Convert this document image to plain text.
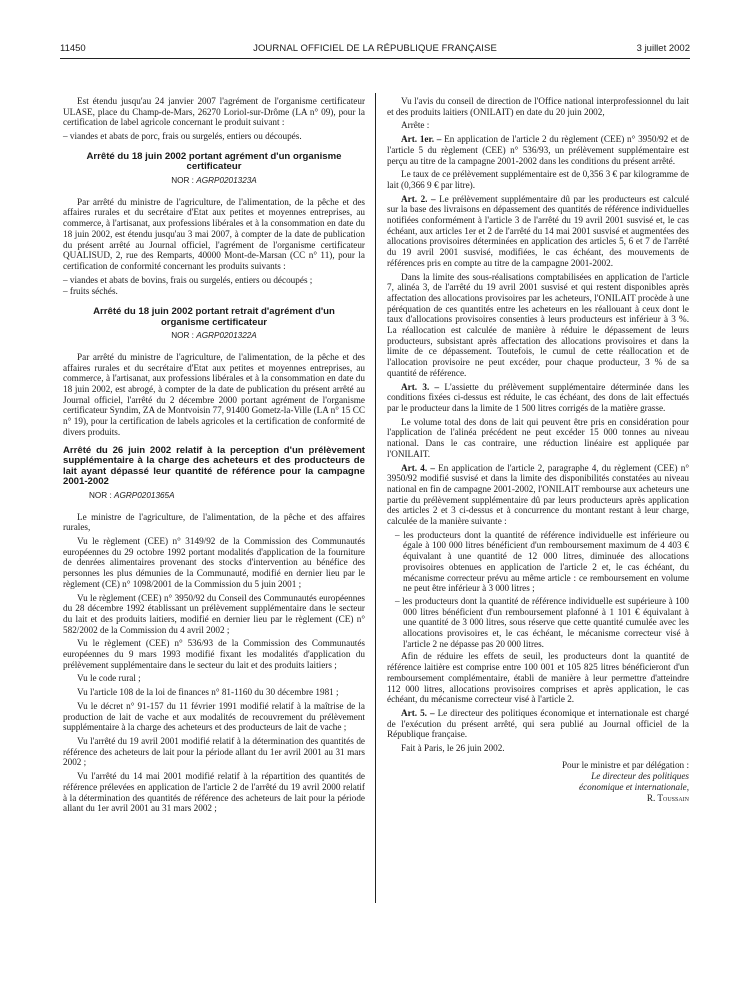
11450	JOURNAL OFFICIEL DE LA RÉPUBLIQUE FRANÇAISE	3 juillet 2002

Est étendu jusqu'au 24 janvier 2007 l'agrément de l'organisme certificateur ULASE, place du Champ-de-Mars, 26270 Loriol-sur-Drôme (LA n° 09), pour la certification de label agricole concernant le produit suivant :

– viandes et abats de porc, frais ou surgelés, entiers ou découpés.

Arrêté du 18 juin 2002 portant agrément d'un organisme certificateur
NOR : AGRP0201323A

Par arrêté du ministre de l'agriculture, de l'alimentation, de la pêche et des affaires rurales et du secrétaire d'Etat aux petites et moyennes entreprises, au commerce, à l'artisanat, aux professions libérales et à la consommation en date du 18 juin 2002, est étendu jusqu'au 3 mai 2007, à compter de la date de publication du présent arrêté au Journal officiel, l'agrément de l'organisme certificateur QUALISUD, 2, rue des Remparts, 40000 Mont-de-Marsan (CC n° 11), pour la certification de conformité concernant les produits suivants :

– viandes et abats de bovins, frais ou surgelés, entiers ou découpés ;

– fruits séchés.

Arrêté du 18 juin 2002 portant retrait d'agrément d'un organisme certificateur
NOR : AGRP0201322A

Par arrêté du ministre de l'agriculture, de l'alimentation, de la pêche et des affaires rurales et du secrétaire d'Etat aux petites et moyennes entreprises, au commerce, à l'artisanat, aux professions libérales et à la consommation en date du 18 juin 2002, est abrogé, à compter de la date de publication du présent arrêté au Journal officiel, l'arrêté du 2 décembre 2000 portant agrément de l'organisme certificateur Syndim, ZA de Montvoisin 77, 91400 Gometz-la-Ville (LA n° 15 CC n° 19), pour la certification de labels agricoles et la certification de conformité de divers produits.

Arrêté du 26 juin 2002 relatif à la perception d'un prélèvement supplémentaire à la charge des acheteurs et des producteurs de lait ayant dépassé leur quantité de référence pour la campagne 2001-2002
NOR : AGRP0201365A

Le ministre de l'agriculture, de l'alimentation, de la pêche et des affaires rurales,

Vu le règlement (CEE) n° 3149/92 de la Commission des Communautés européennes du 29 octobre 1992 portant modalités d'application de la fourniture de denrées alimentaires provenant des stocks d'intervention au bénéfice des personnes les plus démunies de la Communauté, modifié en dernier lieu par le règlement (CE) n° 1098/2001 de la Commission du 5 juin 2001 ;

Vu le règlement (CEE) n° 3950/92 du Conseil des Communautés européennes du 28 décembre 1992 établissant un prélèvement supplémentaire dans le secteur du lait et des produits laitiers, modifié en dernier lieu par le règlement (CE) n° 582/2002 de la Commission du 4 avril 2002 ;

Vu le règlement (CEE) n° 536/93 de la Commission des Communautés européennes du 9 mars 1993 modifié fixant les modalités d'application du prélèvement supplémentaire dans le secteur du lait et des produits laitiers ;

Vu le code rural ;

Vu l'article 108 de la loi de finances n° 81-1160 du 30 décembre 1981 ;

Vu le décret n° 91-157 du 11 février 1991 modifié relatif à la maîtrise de la production de lait de vache et aux modalités de recouvrement du prélèvement supplémentaire à la charge des acheteurs et des producteurs de lait de vache ;

Vu l'arrêté du 19 avril 2001 modifié relatif à la détermination des quantités de référence des acheteurs de lait pour la période allant du 1er avril 2001 au 31 mars 2002 ;

Vu l'arrêté du 14 mai 2001 modifié relatif à la répartition des quantités de référence prélevées en application de l'article 2 de l'arrêté du 19 avril 2000 relatif à la détermination des quantités de référence des acheteurs de lait pour la période allant du 1er avril 2001 au 31 mars 2002 ;

Vu l'avis du conseil de direction de l'Office national interprofessionnel du lait et des produits laitiers (ONILAIT) en date du 20 juin 2002,

Arrête :

Art. 1er. – En application de l'article 2 du règlement (CEE) n° 3950/92 et de l'article 5 du règlement (CEE) n° 536/93, un prélèvement supplémentaire est perçu au titre de la campagne 2001-2002 dans les conditions du présent arrêté.

Le taux de ce prélèvement supplémentaire est de 0,356 3 € par kilogramme de lait (0,366 9 € par litre).

Art. 2. – Le prélèvement supplémentaire dû par les producteurs est calculé sur la base des livraisons en dépassement des quantités de référence individuelles notifiées conformément à l'article 3 de l'arrêté du 19 avril 2001 susvisé et, le cas échéant, aux articles 1er et 2 de l'arrêté du 14 mai 2001 susvisé et augmentées des allocations provisoires déterminées en application des articles 5, 6 et 7 de l'arrêté du 19 avril 2001 susvisé, modifiées, le cas échéant, des mouvements de références pris en compte au titre de la campagne 2001-2002.

Dans la limite des sous-réalisations comptabilisées en application de l'article 7, alinéa 3, de l'arrêté du 19 avril 2001 susvisé et qui restent disponibles après affectation des allocations provisoires par les acheteurs, l'ONILAIT procède à une péréquation de ces quantités entre les acheteurs en les réallouant à ceux dont le taux d'allocations provisoires consenties à leurs producteurs est inférieur à 3 %. La réallocation est calculée de manière à réduire le dépassement de leurs producteurs, subsistant après affectation des allocations provisoires et dans la limite de ce dépassement. Toutefois, le cumul de cette réallocation et de l'allocation provisoire ne peut excéder, pour chaque producteur, 3 % de sa quantité de référence.

Art. 3. – L'assiette du prélèvement supplémentaire déterminée dans les conditions fixées ci-dessus est réduite, le cas échéant, des dons de lait effectués par le producteur dans la limite de 1 500 litres corrigés de la matière grasse.

Le volume total des dons de lait qui peuvent être pris en considération pour l'application de l'alinéa précédent ne peut excéder 15 000 tonnes au niveau national. Dans le cas contraire, une réduction linéaire est appliquée par l'ONILAIT.

Art. 4. – En application de l'article 2, paragraphe 4, du règlement (CEE) n° 3950/92 modifié susvisé et dans la limite des disponibilités constatées au niveau national en fin de campagne 2001-2002, l'ONILAIT rembourse aux acheteurs une partie du prélèvement supplémentaire dû par leurs producteurs après application des articles 2 et 3 ci-dessus et à concurrence du montant restant à leur charge, calculée de la manière suivante :

– les producteurs dont la quantité de référence individuelle est inférieure ou égale à 100 000 litres bénéficient d'un remboursement maximum de 4 403 € équivalant à une quantité de 12 000 litres, diminuée des allocations provisoires obtenues en application de l'article 2 et, le cas échéant, du mécanisme correcteur prévu au même article : ce remboursement en volume ne peut être inférieur à 3 000 litres ;

– les producteurs dont la quantité de référence individuelle est supérieure à 100 000 litres bénéficient d'un remboursement plafonné à 1 101 € équivalant à une quantité de 3 000 litres, sous réserve que cette quantité cumulée avec les allocations provisoires et, le cas échéant, le mécanisme correcteur visé à l'article 2 ne dépasse pas 20 000 litres.

Afin de réduire les effets de seuil, les producteurs dont la quantité de référence laitière est comprise entre 100 001 et 105 825 litres bénéficieront d'un remboursement complémentaire, établi de manière à leur permettre d'atteindre 112 000 litres, allocations provisoires comprises et après application, le cas échéant, du mécanisme correcteur visé à l'article 2.

Art. 5. – Le directeur des politiques économique et internationale est chargé de l'exécution du présent arrêté, qui sera publié au Journal officiel de la République française.

Fait à Paris, le 26 juin 2002.

Pour le ministre et par délégation :
Le directeur des politiques
économique et internationale,
R. Toussain
